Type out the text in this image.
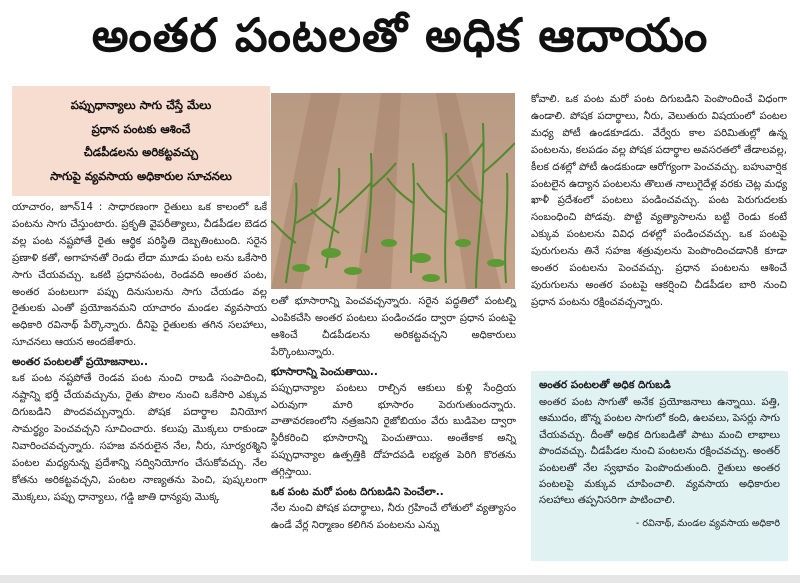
అంతర పంటలతో అధిక ఆదాయం
పప్పుధాన్యాలు సాగు చేస్తే మేలు
ప్రధాన పంటకు ఆశించే
చీడపీడలను అరికట్టవచ్చు
సాగుపై వ్యవసాయ అధికారుల సూచనలు

యాచారం, జూన్14 : సాధారణంగా రైతులు ఒక కాలంలో ఒకే పంటను సాగు చేస్తుంటారు. ప్రకృతి వైపరీత్యాలు, చీడపీడల బెడద వల్ల పంట నష్టపోతే రైతు ఆర్థిక పరిస్థితి దెబ్బతింటుంది. సరైన ప్రణాళి కతో, అగాహనతో రెండు లేదా మూడు పంట లను ఒకేసారి సాగు చేయవచ్చు. ఒకటి ప్రధానపంట, రెండవది అంతర పంట, అంతర పంటలుగా పప్పు దినుసులను సాగు చేయడం వల్ల రైతులకు ఎంతో ప్రయోజనమని యాచారం మండల వ్యవసాయ అధికారి రవినాథ్ పేర్కొన్నారు. దీనిపై రైతులకు తగిన సలహాలు, సూచనలు ఆయన అందజేశారు.

అంతర పంటలతో ప్రయోజనాలు..

ఒక పంట నష్టపోతే రెండవ పంట నుంచి రాబడి సంపాదించి, నష్టాన్ని భర్తీ చేయవచ్చును, రైతు పొలం నుంచి ఒకేసారి ఎక్కువ దిగుబడిని పొందవచ్చున్నారు. పోషక పదార్థాల వినియోగ సామర్థ్యం పెంచవచ్చని సూచించారు. కలుపు మొక్కలు రాకుండా నివారించవచ్చన్నారు. సహజ వనరులైన నేల, నీరు, సూర్యరశ్మిని పంటల మధ్యనున్న ప్రదేశాన్ని సద్వినియోగం చేసుకోవచ్చు. నేల కోతను అరికట్టవచ్చని, పంటల నాణ్యతను పెంచి, పుష్కలంగా మొక్కలు, పప్పు ధాన్యాలు, గడ్డి జాతి ధాన్యపు మొక్క

లతో భూసారాన్ని పెంచవచ్చన్నారు. సరైన పద్ధతిలో పంటల్ని ఎంపికచేసి అంతర పంటలు పండించడం ద్వారా ప్రధాన పంటపై ఆశించే చీడపీడలను అరికట్టవచ్చని అధికారులు పేర్కొంటున్నారు.

భూసారాన్ని పెంచుతాయి..

పప్పుధాన్యాల పంటలు రాల్చిన ఆకులు కుళ్లి సేంద్రియ ఎరువుగా మారి భూసారం పెరుగుతుందన్నారు. వాతావరణంలోని నత్రజనిని రైజోబియం వేరు బుడిపెల ద్వారా స్థిరీకరించి భూసారాన్ని పెంచుతాయి. అంతేకాక అన్ని పప్పుధాన్యాల ఉత్పత్తికి దోహదపడి లభ్యత పెరిగి కొరతను తగ్గిస్తాయి.

ఒక పంట మరో పంట దిగుబడిని పెంచేలా..

నేల నుంచి పోషక పదార్థాలు, నీరు గ్రహించే లోతులో వ్యత్యాసం ఉండే వేర్ల నిర్మాణం కలిగిన పంటలను ఎన్ను

కోవాలి. ఒక పంట మరో పంట దిగుబడిని పెంపొందించే విధంగా ఉండాలి. పోషక పదార్థాలు, నీరు, వెలుతురు విషయంలో పంటల మధ్య పోటీ ఉండకూడదు. వేర్వేరు కాల పరిమితుల్లో ఉన్న పంటలను, కలపడం వల్ల పోషక పదార్థాల అవసరతలో తేడాలవల్ల, కీలక దశల్లో పోటీ ఉండకుండా ఆరోగ్యంగా పెంచవచ్చు. బహువార్షిక పంటలైన ఉద్యాన పంటలను తొలుత నాలుగైదేళ్ల వరకు చెట్ల మధ్య ఖాళీ ప్రదేశంలో పంటలు పండించవచ్చు. పంట పెరుగుదలకు సంబంధించి పోడవు. పొట్టి వ్యత్యాసాలను బట్టి రెండు కంటే ఎక్కువ పంటలను వివిధ దళల్లో పండించవచ్చు. ఒక పంటపై పురుగులను తినే సహజ శత్రువులను పెంపొందించడానికి కూడా అంతర పంటలను పెంచవచ్చు. ప్రధాన పంటలను ఆశించే పురుగులను అంతర పంటపై ఆకర్షించి చీడపీడల బారి నుంచి ప్రధాన పంటను రక్షించవచ్చన్నారు.

అంతర పంటలతో అధిక దిగుబడి

అంతర పంట సాగుతో అనేక ప్రయోజనాలు ఉన్నాయి. పత్తి, ఆముదం, జొన్న పంటల సాగులో కంది, ఉలవలు, పెసర్లు సాగు చేయవచ్చు. దీంతో అధిక దిగుబడితో పాటు మంచి లాభాలు పొందవచ్చు. చీడపీడల నుంచి పంటలను రక్షించవచ్చు. అంతర్ పంటలతో నేల స్వభావం పెంపొందుతుంది. రైతులు అంతర పంటలపై మక్కువ చూపించాలి. వ్యవసాయ అధికారుల సలహాలు తప్పనిసరిగా పాటించాలి.

- రవినాథ్, మండల వ్యవసాయ అధికారి
